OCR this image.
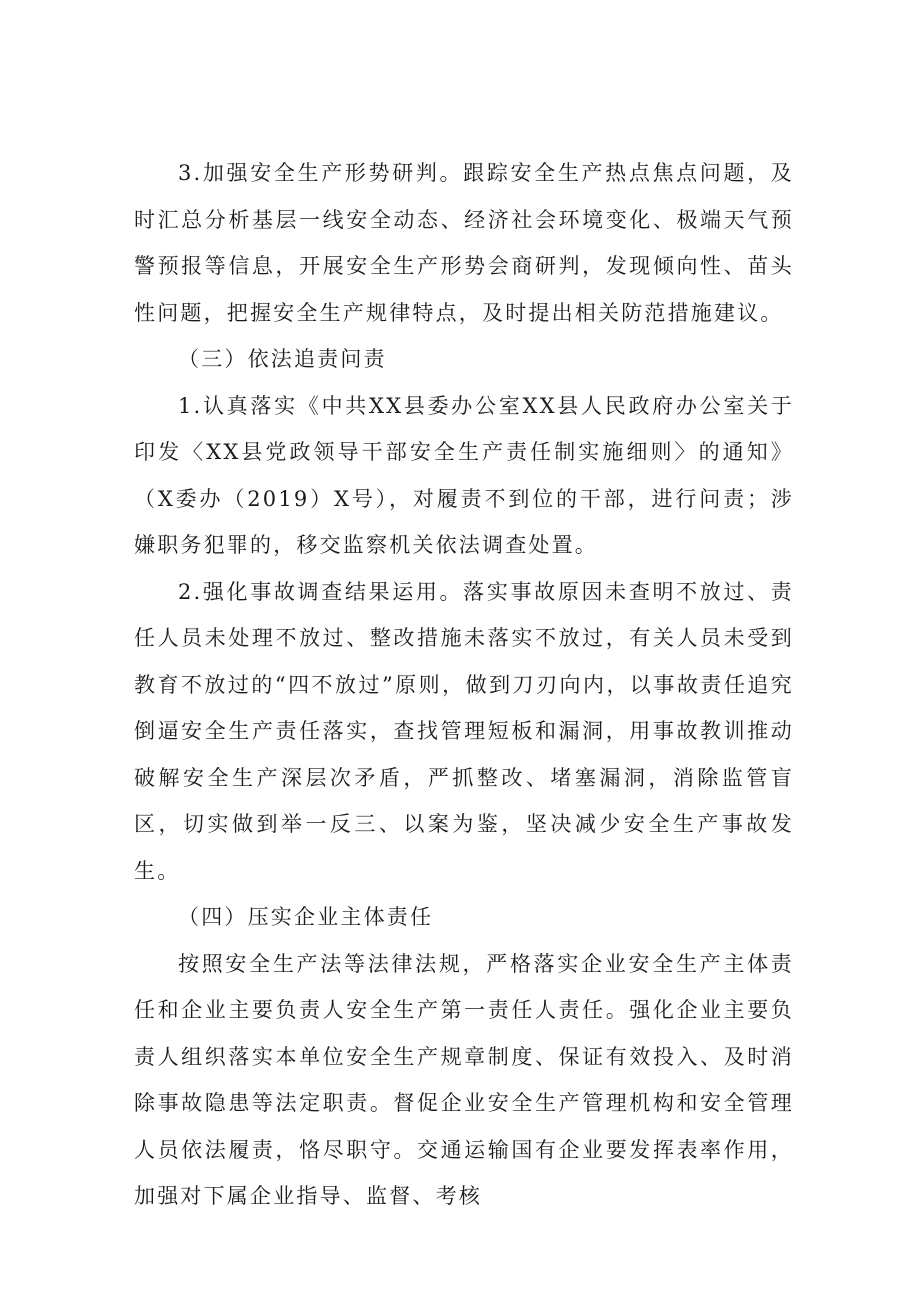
3.加强安全生产形势研判。跟踪安全生产热点焦点问题，及时汇总分析基层一线安全动态、经济社会环境变化、极端天气预警预报等信息，开展安全生产形势会商研判，发现倾向性、苗头性问题，把握安全生产规律特点，及时提出相关防范措施建议。

（三）依法追责问责

1.认真落实《中共XX县委办公室XX县人民政府办公室关于印发〈XX县党政领导干部安全生产责任制实施细则〉的通知》（X委办（2019）X号），对履责不到位的干部，进行问责；涉嫌职务犯罪的，移交监察机关依法调查处置。

2.强化事故调查结果运用。落实事故原因未查明不放过、责任人员未处理不放过、整改措施未落实不放过，有关人员未受到教育不放过的“四不放过”原则，做到刀刃向内，以事故责任追究倒逼安全生产责任落实，查找管理短板和漏洞，用事故教训推动破解安全生产深层次矛盾，严抓整改、堵塞漏洞，消除监管盲区，切实做到举一反三、以案为鉴，坚决减少安全生产事故发生。

（四）压实企业主体责任

按照安全生产法等法律法规，严格落实企业安全生产主体责任和企业主要负责人安全生产第一责任人责任。强化企业主要负责人组织落实本单位安全生产规章制度、保证有效投入、及时消除事故隐患等法定职责。督促企业安全生产管理机构和安全管理人员依法履责，恪尽职守。交通运输国有企业要发挥表率作用，加强对下属企业指导、监督、考核
